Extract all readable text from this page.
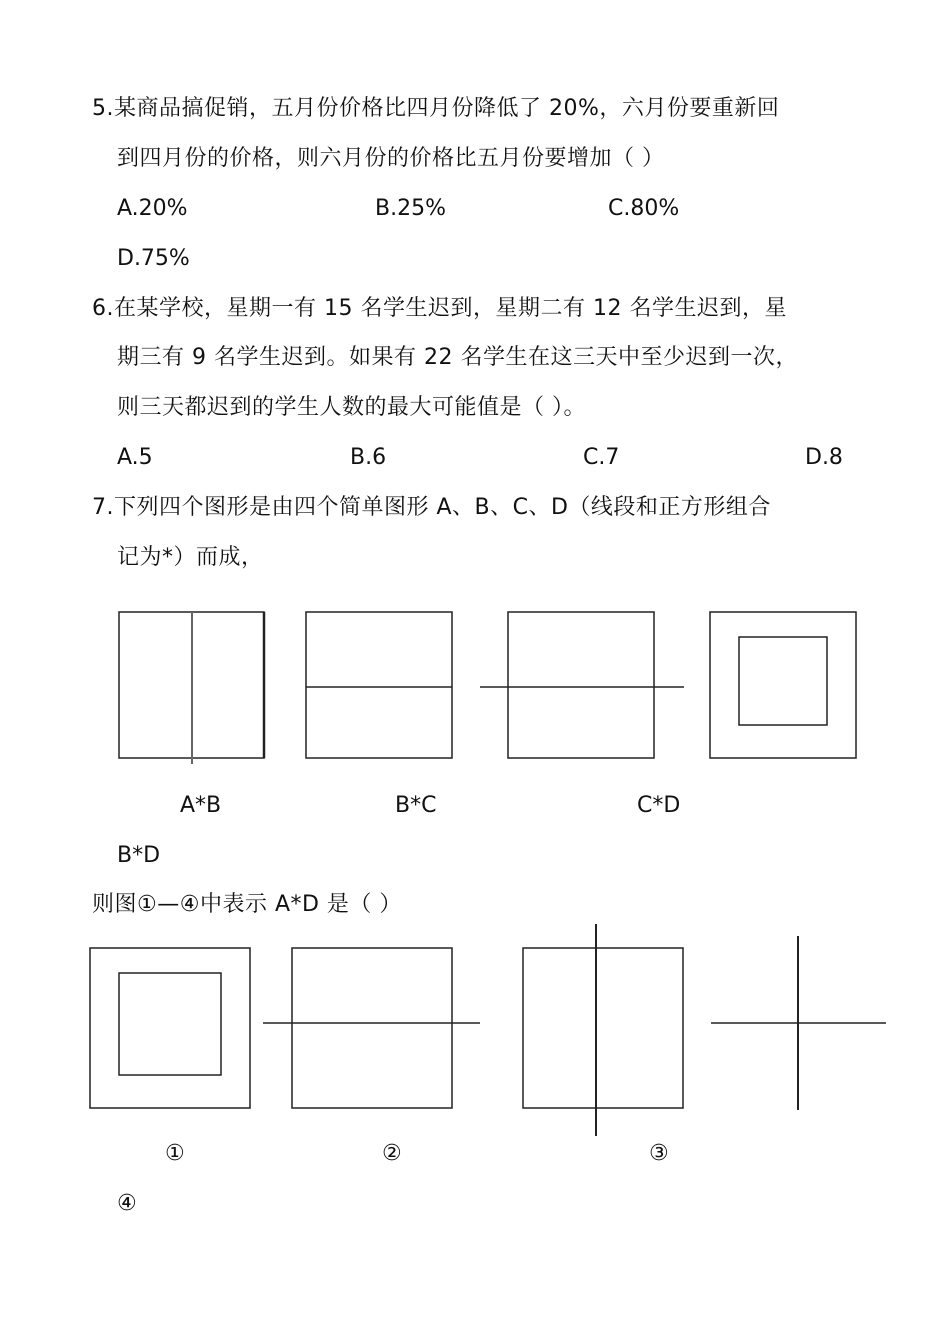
5.某商品搞促销，五月份价格比四月份降低了 20%，六月份要重新回
到四月份的价格，则六月份的价格比五月份要增加（ ）
A.20%	B.25%	C.80%
D.75%
6.在某学校，星期一有 15 名学生迟到，星期二有 12 名学生迟到，星
期三有 9 名学生迟到。如果有 22 名学生在这三天中至少迟到一次，
则三天都迟到的学生人数的最大可能值是（ ）。
A.5	B.6	C.7	D.8
7.下列四个图形是由四个简单图形 A、B、C、D（线段和正方形组合
记为*）而成，
A*B	B*C	C*D
B*D
则图①—④中表示 A*D 是（ ）
①	②	③
④
